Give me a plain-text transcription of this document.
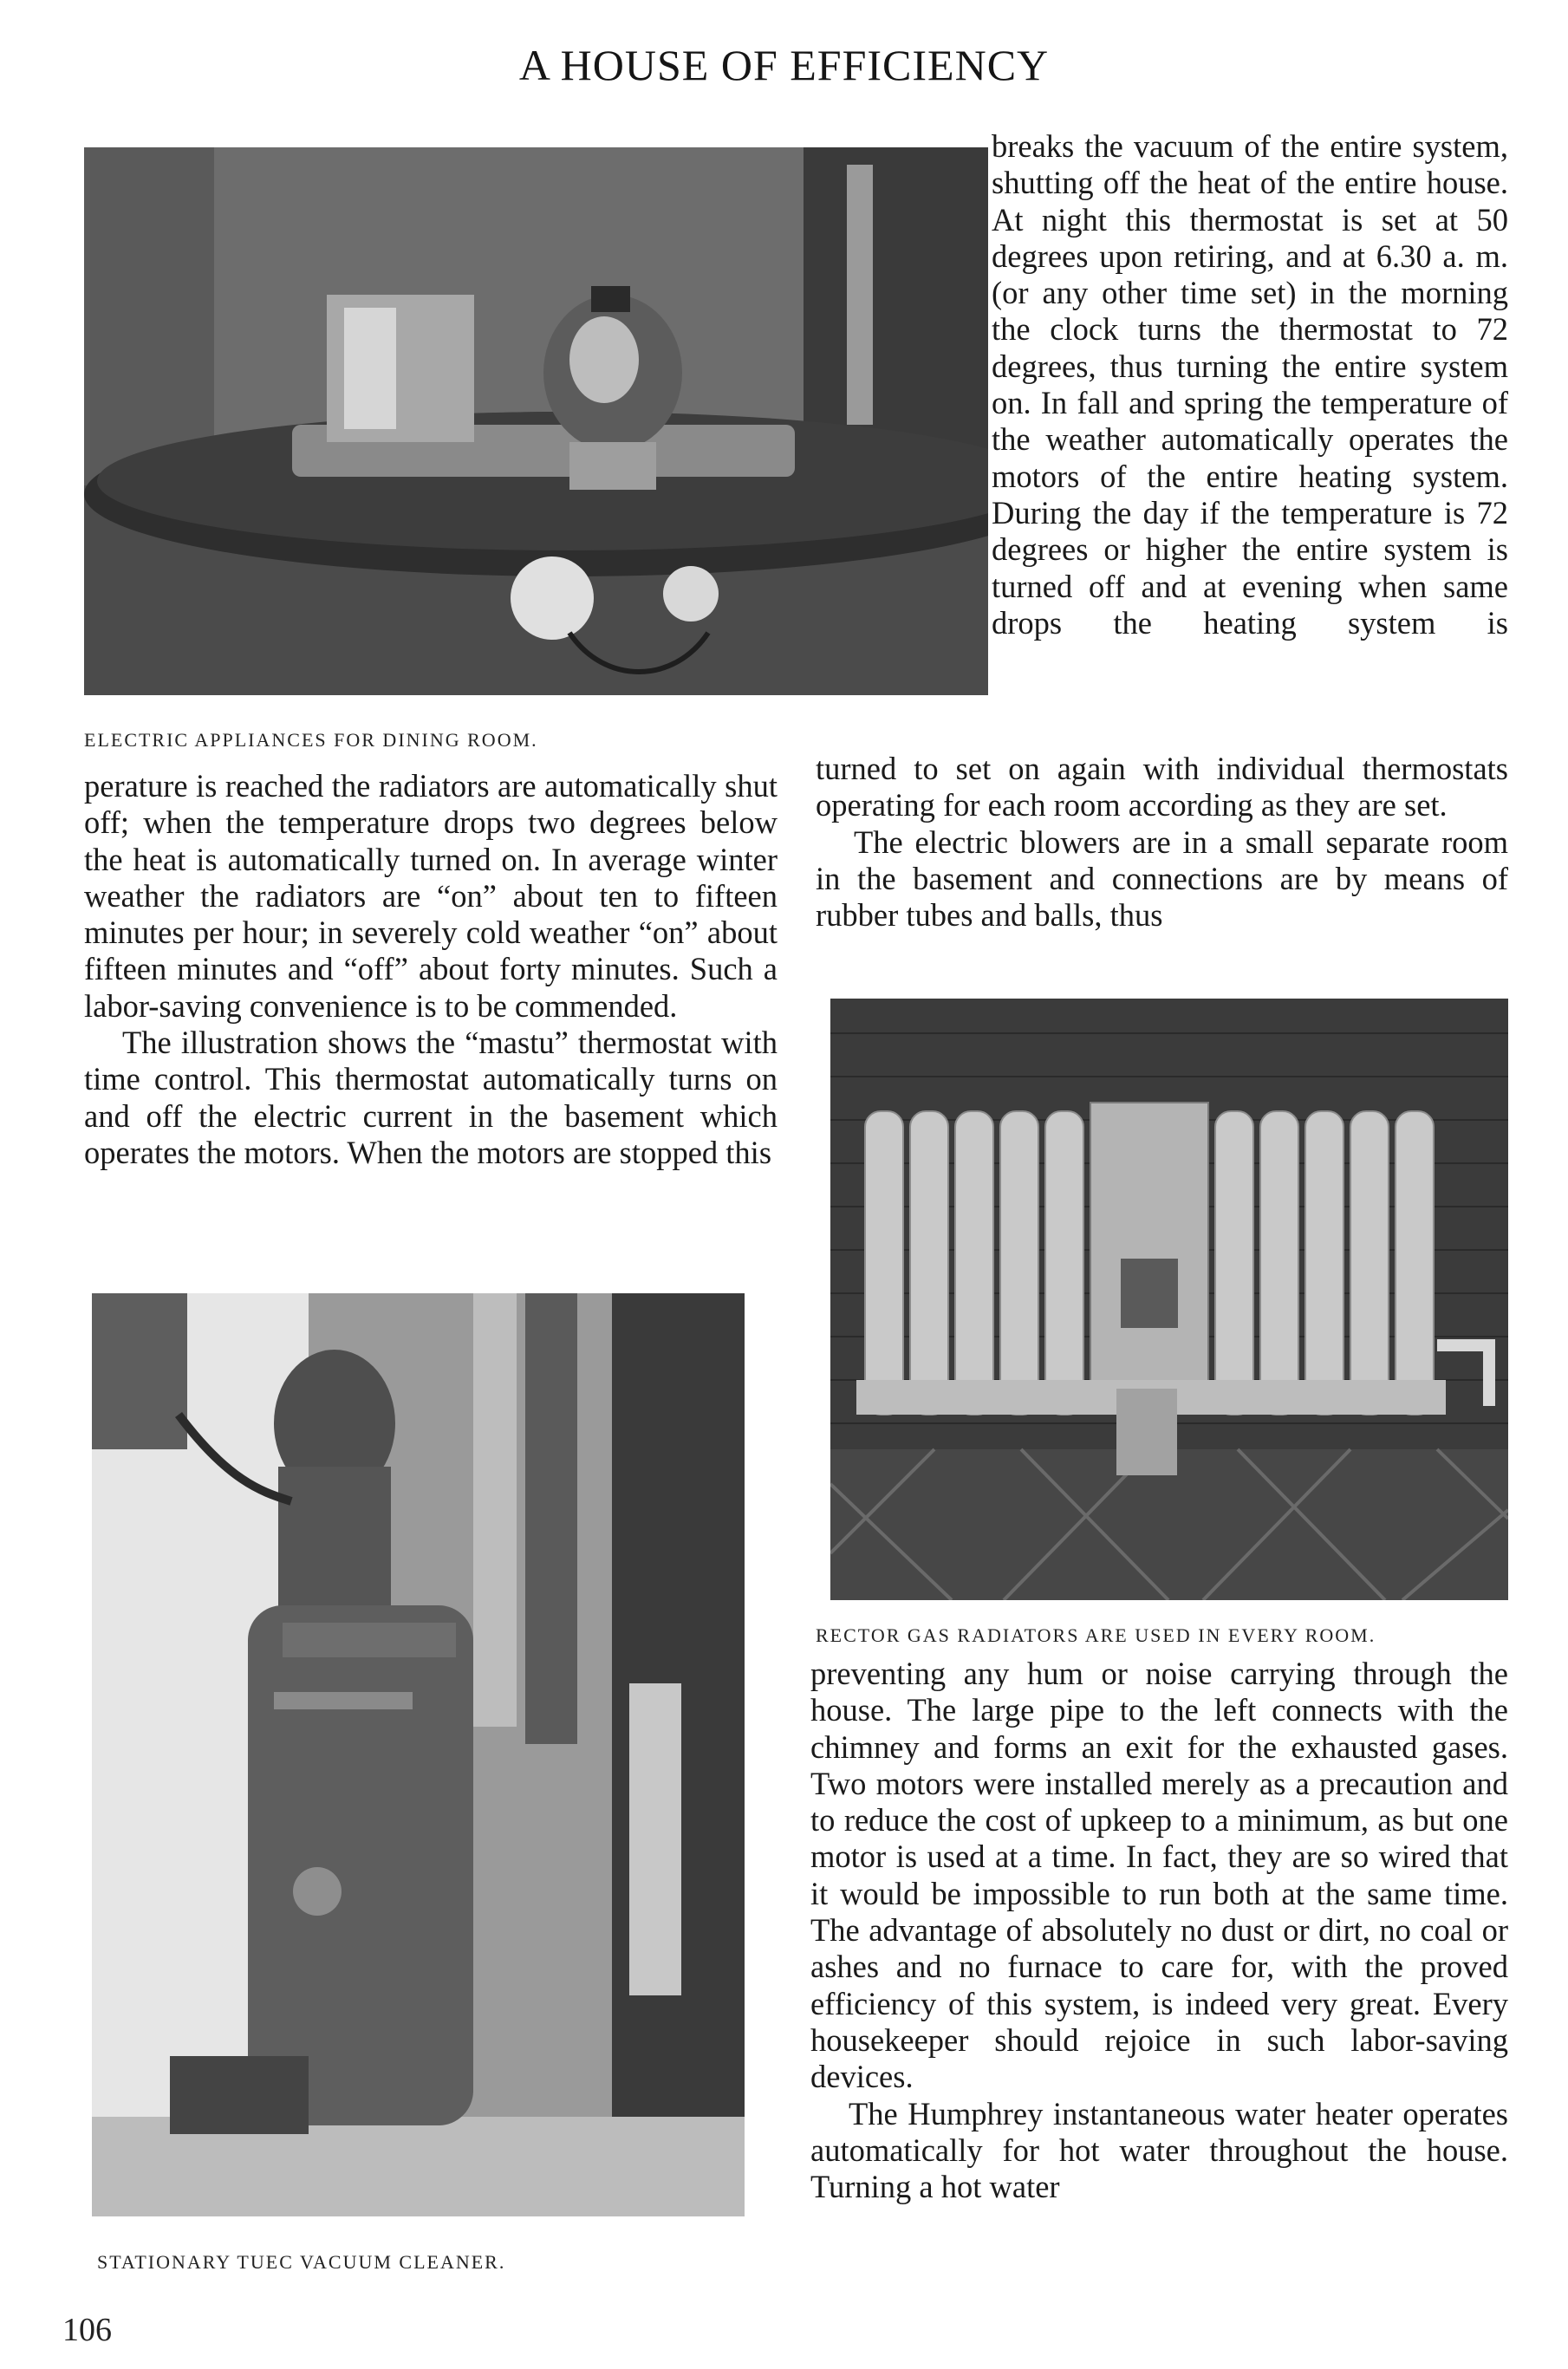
A HOUSE OF EFFICIENCY
ELECTRIC APPLIANCES FOR DINING ROOM.

breaks the vacuum of the entire system, shutting off the heat of the entire house. At night this thermostat is set at 50 degrees upon retiring, and at 6.30 a. m. (or any other time set) in the morning the clock turns the thermostat to 72 degrees, thus turning the entire system on. In fall and spring the temperature of the weather automatically operates the motors of the entire heating system. During the day if the temperature is 72 degrees or higher the entire system is turned off and at evening when same drops the heating system is

turned to set on again with individual thermostats operating for each room according as they are set.

The electric blowers are in a small separate room in the basement and connections are by means of rubber tubes and balls, thus

perature is reached the radiators are automatically shut off; when the temperature drops two degrees below the heat is automatically turned on. In average winter weather the radiators are “on” about ten to fifteen minutes per hour; in severely cold weather “on” about fifteen minutes and “off” about forty minutes. Such a labor-saving convenience is to be commended.

The illustration shows the “mastu” thermostat with time control. This thermostat automatically turns on and off the electric current in the basement which operates the motors. When the motors are stopped this

RECTOR GAS RADIATORS ARE USED IN EVERY ROOM.

preventing any hum or noise carrying through the house. The large pipe to the left connects with the chimney and forms an exit for the exhausted gases. Two motors were installed merely as a precaution and to reduce the cost of upkeep to a minimum, as but one motor is used at a time. In fact, they are so wired that it would be impossible to run both at the same time. The advantage of absolutely no dust or dirt, no coal or ashes and no furnace to care for, with the proved efficiency of this system, is indeed very great. Every housekeeper should rejoice in such labor-saving devices.

The Humphrey instantaneous water heater operates automatically for hot water throughout the house. Turning a hot water

STATIONARY TUEC VACUUM CLEANER.
106
